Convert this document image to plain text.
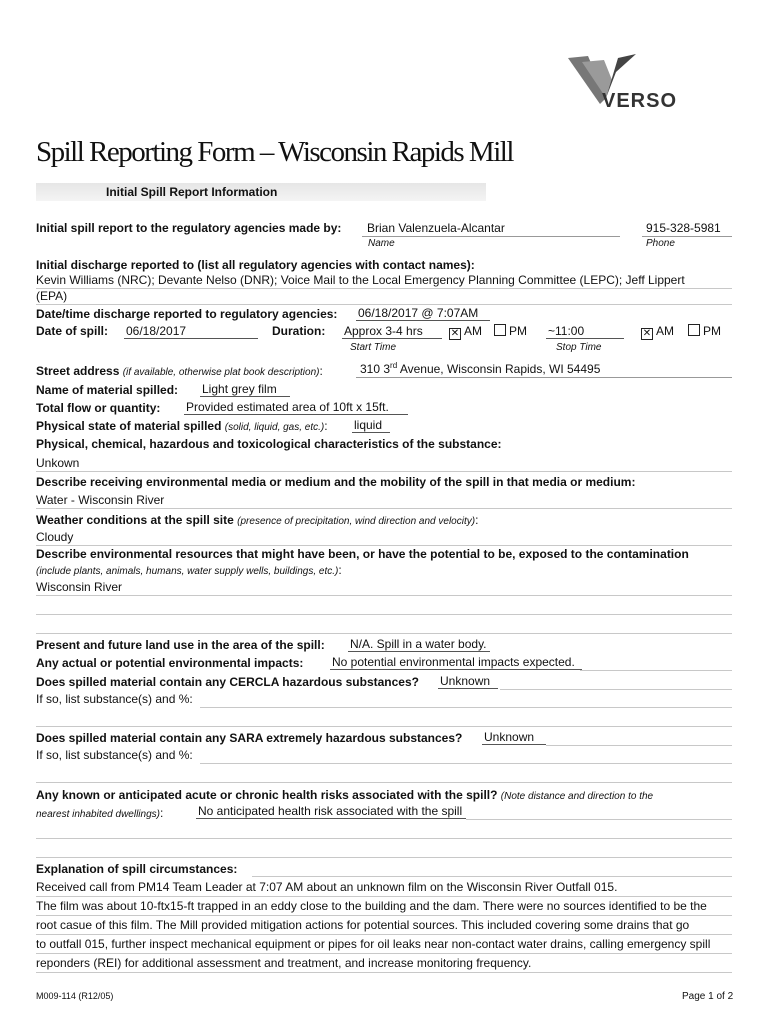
VERSO
Spill Reporting Form – Wisconsin Rapids Mill
Initial Spill Report Information
Initial spill report to the regulatory agencies made by: Brian Valenzuela-Alcantar
Name
915-328-5981
Phone
Initial discharge reported to (list all regulatory agencies with contact names):
Kevin Williams (NRC); Devante Nelso (DNR); Voice Mail to the Local Emergency Planning Committee (LEPC); Jeff Lippert
(EPA)
Date/time discharge reported to regulatory agencies: 06/18/2017 @ 7:07AM
Date of spill: 06/18/2017	Duration: Approx 3-4 hrs	✕ AM	PM
Start Time
~11:00	✕ AM	PM
Stop Time
Street address (if available, otherwise plat book description):	310 3rd Avenue, Wisconsin Rapids, WI 54495
Name of material spilled: Light grey film
Total flow or quantity: Provided estimated area of 10ft x 15ft.
Physical state of material spilled (solid, liquid, gas, etc.): liquid
Physical, chemical, hazardous and toxicological characteristics of the substance:
Unkown
Describe receiving environmental media or medium and the mobility of the spill in that media or medium:
Water - Wisconsin River
Weather conditions at the spill site (presence of precipitation, wind direction and velocity):
Cloudy
Describe environmental resources that might have been, or have the potential to be, exposed to the contamination
(include plants, animals, humans, water supply wells, buildings, etc.):
Wisconsin River
Present and future land use in the area of the spill: N/A. Spill in a water body.
Any actual or potential environmental impacts: No potential environmental impacts expected.
Does spilled material contain any CERCLA hazardous substances? Unknown
If so, list substance(s) and %:
Does spilled material contain any SARA extremely hazardous substances? Unknown
If so, list substance(s) and %:
Any known or anticipated acute or chronic health risks associated with the spill? (Note distance and direction to the
nearest inhabited dwellings):	No anticipated health risk associated with the spill
Explanation of spill circumstances:
Received call from PM14 Team Leader at 7:07 AM about an unknown film on the Wisconsin River Outfall 015.
The film was about 10-ftx15-ft trapped in an eddy close to the building and the dam. There were no sources identified to be the
root casue of this film. The Mill provided mitigation actions for potential sources. This included covering some drains that go
to outfall 015, further inspect mechanical equipment or pipes for oil leaks near non-contact water drains, calling emergency spill
reponders (REI) for additional assessment and treatment, and increase monitoring frequency.
M009-114 (R12/05)	Page 1 of 2
